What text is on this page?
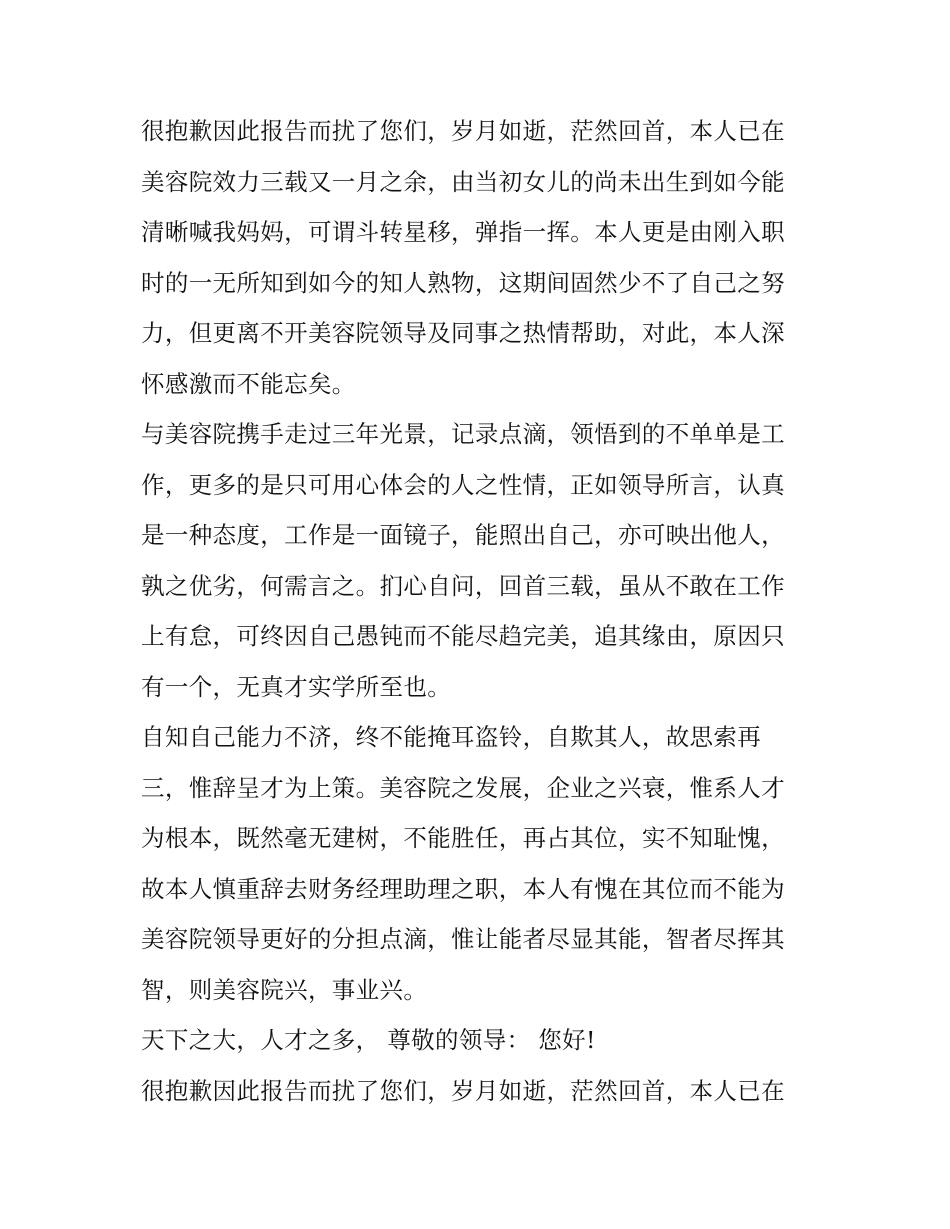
很抱歉因此报告而扰了您们，岁月如逝，茫然回首，本人已在
美容院效力三载又一月之余，由当初女儿的尚未出生到如今能
清晰喊我妈妈，可谓斗转星移，弹指一挥。本人更是由刚入职
时的一无所知到如今的知人熟物，这期间固然少不了自己之努
力，但更离不开美容院领导及同事之热情帮助，对此，本人深
怀感激而不能忘矣。
与美容院携手走过三年光景，记录点滴，领悟到的不单单是工
作，更多的是只可用心体会的人之性情，正如领导所言，认真
是一种态度，工作是一面镜子，能照出自己，亦可映出他人，
孰之优劣，何需言之。扪心自问，回首三载，虽从不敢在工作
上有怠，可终因自己愚钝而不能尽趋完美，追其缘由，原因只
有一个，无真才实学所至也。
自知自己能力不济，终不能掩耳盗铃，自欺其人，故思索再
三，惟辞呈才为上策。美容院之发展，企业之兴衰，惟系人才
为根本，既然毫无建树，不能胜任，再占其位，实不知耻愧，
故本人慎重辞去财务经理助理之职，本人有愧在其位而不能为
美容院领导更好的分担点滴，惟让能者尽显其能，智者尽挥其
智，则美容院兴，事业兴。
天下之大，人才之多， 尊敬的领导： 您好!
很抱歉因此报告而扰了您们，岁月如逝，茫然回首，本人已在
